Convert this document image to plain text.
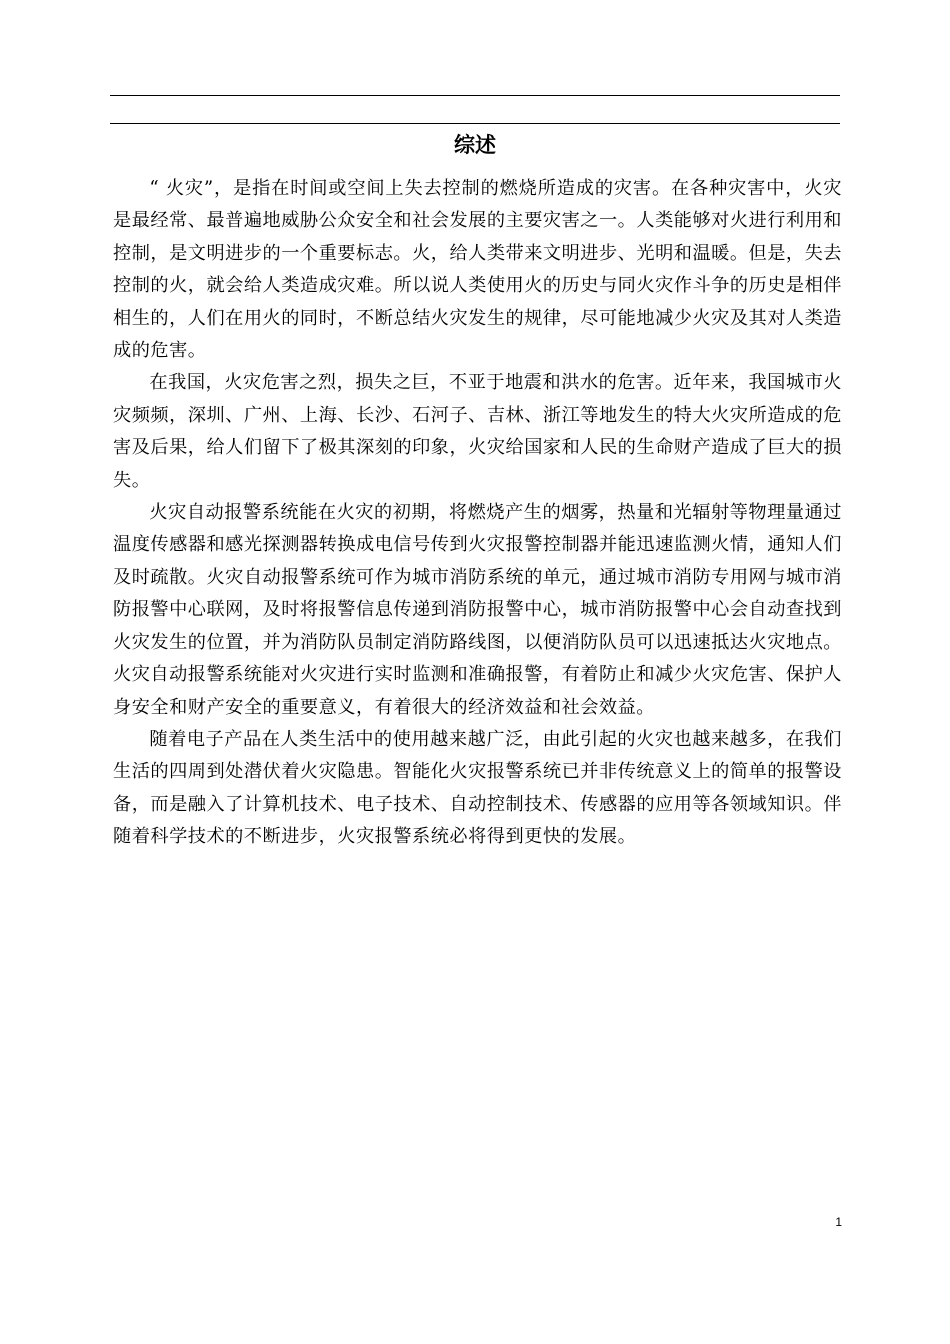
综述

“ 火灾”，是指在时间或空间上失去控制的燃烧所造成的灾害。在各种灾害中，火灾是最经常、最普遍地威胁公众安全和社会发展的主要灾害之一。人类能够对火进行利用和控制，是文明进步的一个重要标志。火，给人类带来文明进步、光明和温暖。但是，失去控制的火，就会给人类造成灾难。所以说人类使用火的历史与同火灾作斗争的历史是相伴相生的，人们在用火的同时，不断总结火灾发生的规律，尽可能地减少火灾及其对人类造成的危害。

在我国，火灾危害之烈，损失之巨，不亚于地震和洪水的危害。近年来，我国城市火灾频频，深圳、广州、上海、长沙、石河子、吉林、浙江等地发生的特大火灾所造成的危害及后果，给人们留下了极其深刻的印象，火灾给国家和人民的生命财产造成了巨大的损失。

火灾自动报警系统能在火灾的初期，将燃烧产生的烟雾，热量和光辐射等物理量通过温度传感器和感光探测器转换成电信号传到火灾报警控制器并能迅速监测火情，通知人们及时疏散。火灾自动报警系统可作为城市消防系统的单元，通过城市消防专用网与城市消防报警中心联网，及时将报警信息传递到消防报警中心，城市消防报警中心会自动查找到火灾发生的位置，并为消防队员制定消防路线图，以便消防队员可以迅速抵达火灾地点。火灾自动报警系统能对火灾进行实时监测和准确报警，有着防止和减少火灾危害、保护人身安全和财产安全的重要意义，有着很大的经济效益和社会效益。

随着电子产品在人类生活中的使用越来越广泛，由此引起的火灾也越来越多，在我们生活的四周到处潜伏着火灾隐患。智能化火灾报警系统已并非传统意义上的简单的报警设备，而是融入了计算机技术、电子技术、自动控制技术、传感器的应用等各领域知识。伴随着科学技术的不断进步，火灾报警系统必将得到更快的发展。

1
